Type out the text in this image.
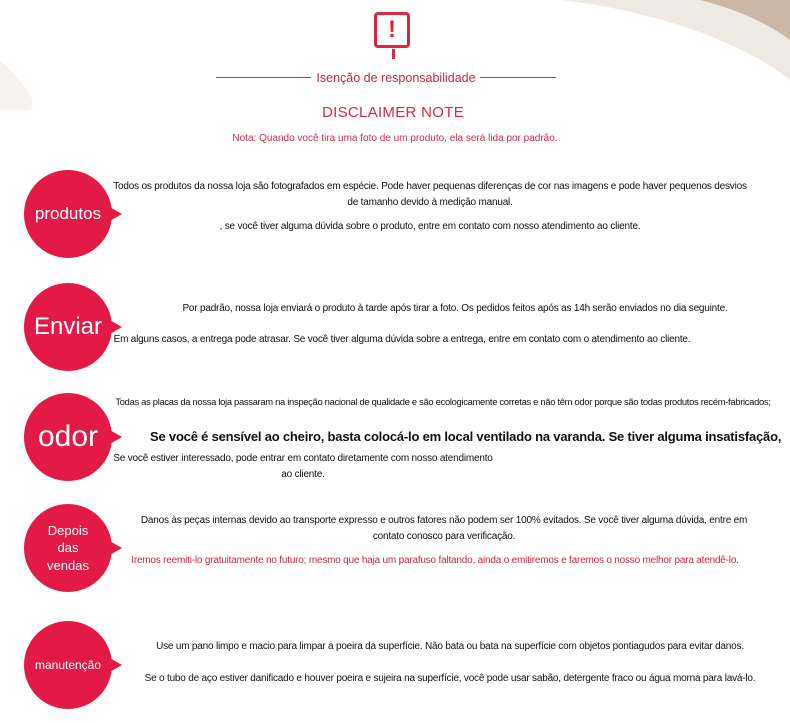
!
Isenção de responsabilidade
DISCLAIMER NOTE
Nota: Quando você tira uma foto de um produto, ela será lida por padrão.
produtos
Todos os produtos da nossa loja são fotografados em espécie. Pode haver pequenas diferenças de cor nas imagens e pode haver pequenos desvios de tamanho devido à medição manual.
, se você tiver alguma dúvida sobre o produto, entre em contato com nosso atendimento ao cliente.
Enviar
Por padrão, nossa loja enviará o produto à tarde após tirar a foto. Os pedidos feitos após as 14h serão enviados no dia seguinte.
Em alguns casos, a entrega pode atrasar. Se você tiver alguma dúvida sobre a entrega, entre em contato com o atendimento ao cliente.
odor
Todas as placas da nossa loja passaram na inspeção nacional de qualidade e são ecologicamente corretas e não têm odor porque são todas produtos recém-fabricados;
Se você é sensível ao cheiro, basta colocá-lo em local ventilado na varanda. Se tiver alguma insatisfação,
Se você estiver interessado, pode entrar em contato diretamente com nosso atendimento ao cliente.
Depois das vendas
Danos às peças internas devido ao transporte expresso e outros fatores não podem ser 100% evitados. Se você tiver alguma dúvida, entre em contato conosco para verificação.
Iremos reemiti-lo gratuitamente no futuro; mesmo que haja um parafuso faltando, ainda o emitiremos e faremos o nosso melhor para atendê-lo.
manutenção
Use um pano limpo e macio para limpar a poeira da superfície. Não bata ou bata na superfície com objetos pontiagudos para evitar danos.
Se o tubo de aço estiver danificado e houver poeira e sujeira na superfície, você pode usar sabão, detergente fraco ou água morna para lavá-lo.
